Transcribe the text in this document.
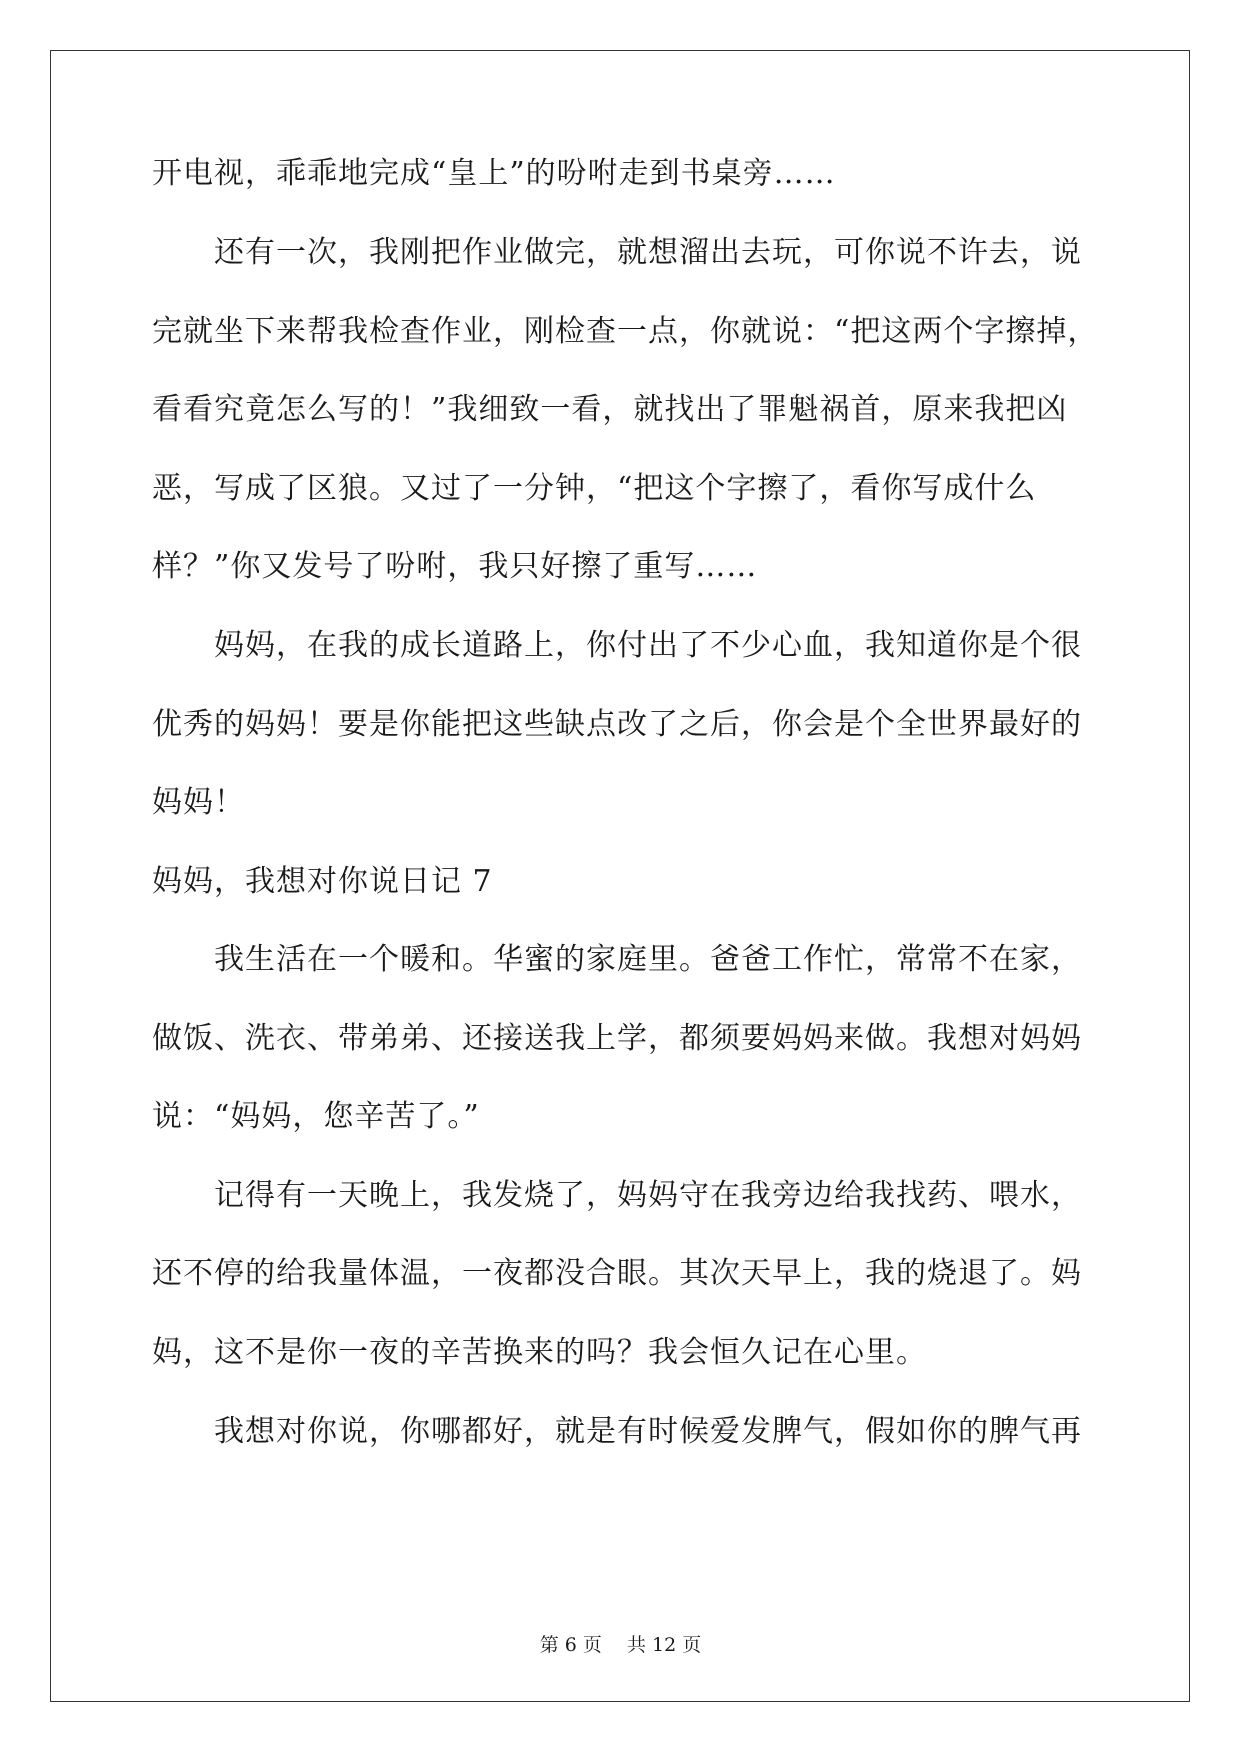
开电视，乖乖地完成“皇上”的吩咐走到书桌旁……
还有一次，我刚把作业做完，就想溜出去玩，可你说不许去，说
完就坐下来帮我检查作业，刚检查一点，你就说：“把这两个字擦掉，
看看究竟怎么写的！”我细致一看，就找出了罪魁祸首，原来我把凶
恶，写成了区狼。又过了一分钟，“把这个字擦了，看你写成什么
样？”你又发号了吩咐，我只好擦了重写……
妈妈，在我的成长道路上，你付出了不少心血，我知道你是个很
优秀的妈妈！要是你能把这些缺点改了之后，你会是个全世界最好的
妈妈！
妈妈，我想对你说日记 7
我生活在一个暖和。华蜜的家庭里。爸爸工作忙，常常不在家，
做饭、洗衣、带弟弟、还接送我上学，都须要妈妈来做。我想对妈妈
说：“妈妈，您辛苦了。”
记得有一天晚上，我发烧了，妈妈守在我旁边给我找药、喂水，
还不停的给我量体温，一夜都没合眼。其次天早上，我的烧退了。妈
妈，这不是你一夜的辛苦换来的吗？我会恒久记在心里。
我想对你说，你哪都好，就是有时候爱发脾气，假如你的脾气再
第 6 页　 共 12 页
